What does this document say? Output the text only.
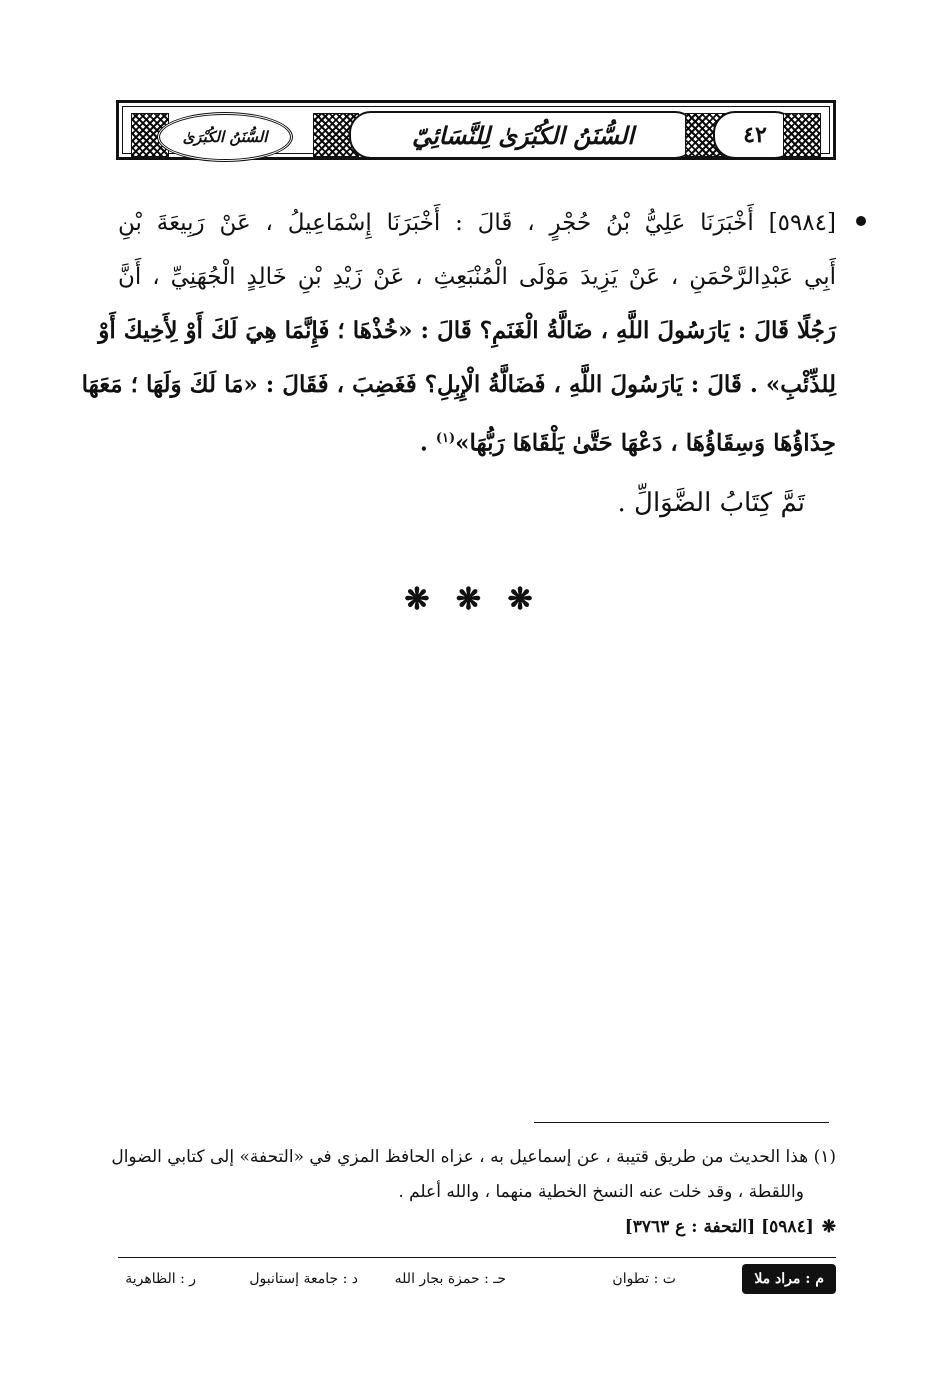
السُّنَنُ الكُبْرَىٰ	السُّنَنُ الكُبْرَىٰ لِلنَّسَائِيّ	٤٢
[٥٩٨٤] أَخْبَرَنَا عَلِيُّ بْنُ حُجْرٍ ، قَالَ : أَخْبَرَنَا إِسْمَاعِيلُ ، عَنْ رَبِيعَةَ بْنِ
أَبِي عَبْدِالرَّحْمَنِ ، عَنْ يَزِيدَ مَوْلَى الْمُنْبَعِثِ ، عَنْ زَيْدِ بْنِ خَالِدٍ الْجُهَنِيِّ ، أَنَّ
رَجُلًا قَالَ : يَارَسُولَ اللَّهِ ، ضَالَّةُ الْغَنَمِ؟ قَالَ : «خُذْهَا ؛ فَإِنَّمَا هِيَ لَكَ أَوْ لِأَخِيكَ أَوْ
لِلذِّئْبِ» . قَالَ : يَارَسُولَ اللَّهِ ، فَضَالَّةُ الْإِبِلِ؟ فَغَضِبَ ، فَقَالَ : «مَا لَكَ وَلَهَا ؛ مَعَهَا
حِذَاؤُهَا وَسِقَاؤُهَا ، دَعْهَا حَتَّىٰ يَلْقَاهَا رَبُّهَا»$^{(١)}$ .
تَمَّ كِتَابُ الضَّوَالِّ .
❋ ❋ ❋
(١) هذا الحديث من طريق قتيبة ، عن إسماعيل به ، عزاه الحافظ المزي في «التحفة» إلى كتابي الضوال
واللقطة ، وقد خلت عنه النسخ الخطية منهما ، والله أعلم .
❋[٥٩٨٤] [التحفة : ع ٣٧٦٣]
م : مراد ملا
ت : تطوان
حـ : حمزة بجار الله
د : جامعة إستانبول
ر : الظاهرية
